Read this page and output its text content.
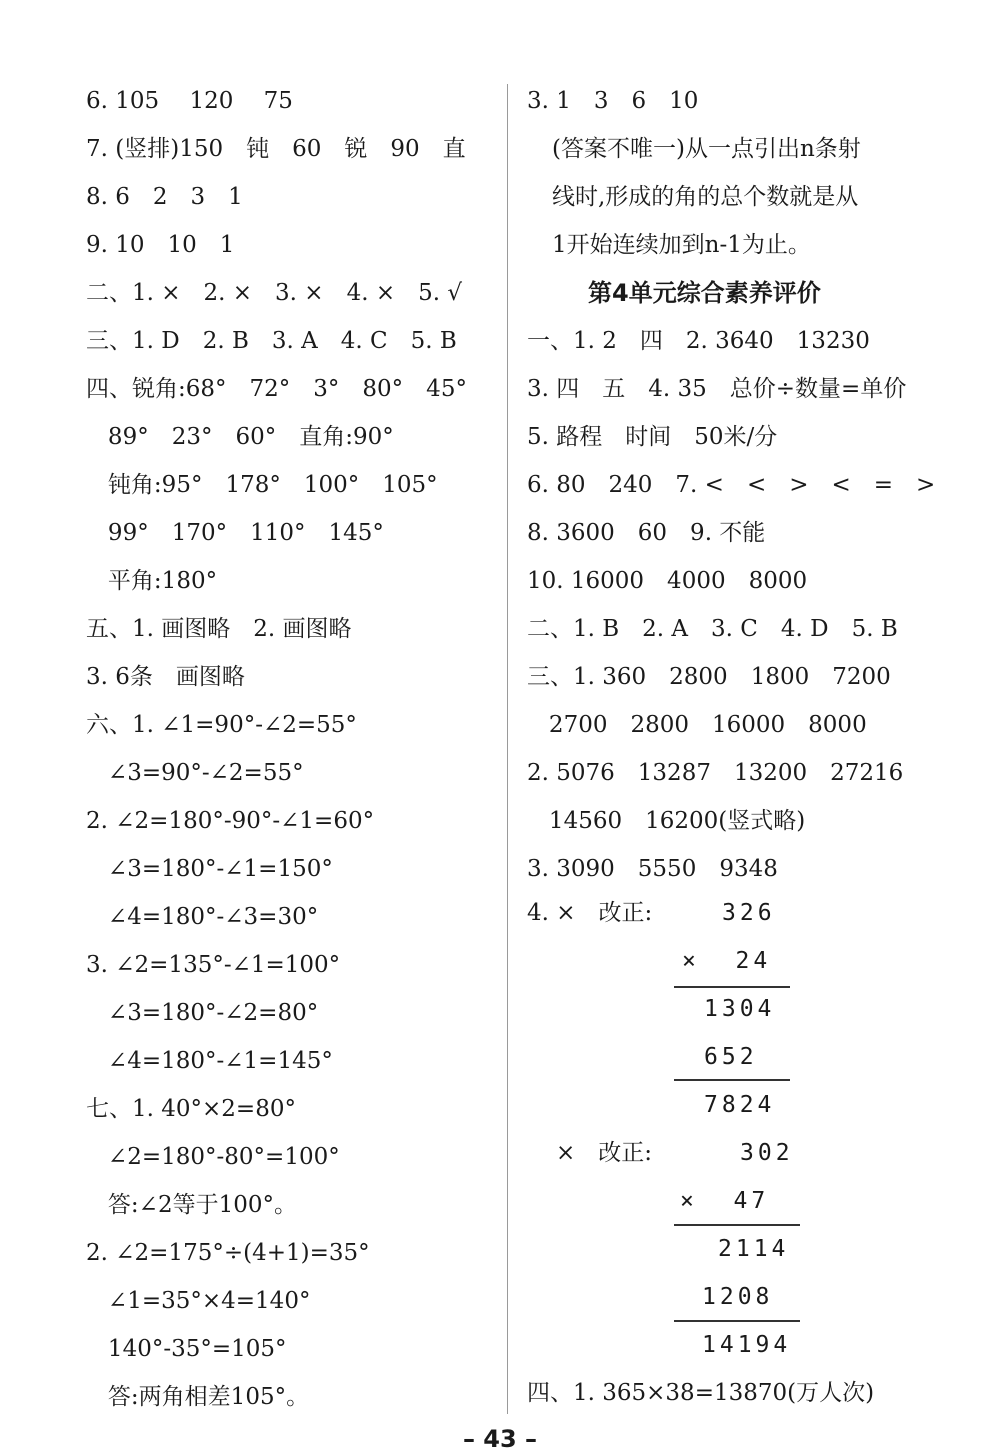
6. 105　 120　 75
7. (竖排)150　钝　60　锐　90　直
8. 6　2　3　1
9. 10　10　1
二、1. ×　2. ×　3. ×　4. ×　5. √
三、1. D　2. B　3. A　4. C　5. B
四、锐角:68°　72°　3°　80°　45°
89°　23°　60°　直角:90°
钝角:95°　178°　100°　105°
99°　170°　110°　145°
平角:180°
五、1. 画图略　2. 画图略
3. 6条　画图略
六、1. ∠1=90°-∠2=55°
∠3=90°-∠2=55°
2. ∠2=180°-90°-∠1=60°
∠3=180°-∠1=150°
∠4=180°-∠3=30°
3. ∠2=135°-∠1=100°
∠3=180°-∠2=80°
∠4=180°-∠1=145°
七、1. 40°×2=80°
∠2=180°-80°=100°
答:∠2等于100°。
2. ∠2=175°÷(4+1)=35°
∠1=35°×4=140°
140°-35°=105°
答:两角相差105°。
3. 1　3　6　10
(答案不唯一)从一点引出n条射
线时,形成的角的总个数就是从
1开始连续加到n-1为止。
第4单元综合素养评价
一、1. 2　四　2. 3640　13230
3. 四　五　4. 35　总价÷数量=单价
5. 路程　时间　50米/分
6. 80　240　7. <　<　>　<　=　>
8. 3600　60　9. 不能
10. 16000　4000　8000
二、1. B　2. A　3. C　4. D　5. B
三、1. 360　2800　1800　7200
2700　2800　16000　8000
2. 5076　13287　13200　27216
14560　16200(竖式略)
3. 3090　5550　9348
4. ×　改正:	326
×  24
1304
652
7824
×　改正:	302
×  47
2114
1208
14194
四、1. 365×38=13870(万人次)
– 43 –
